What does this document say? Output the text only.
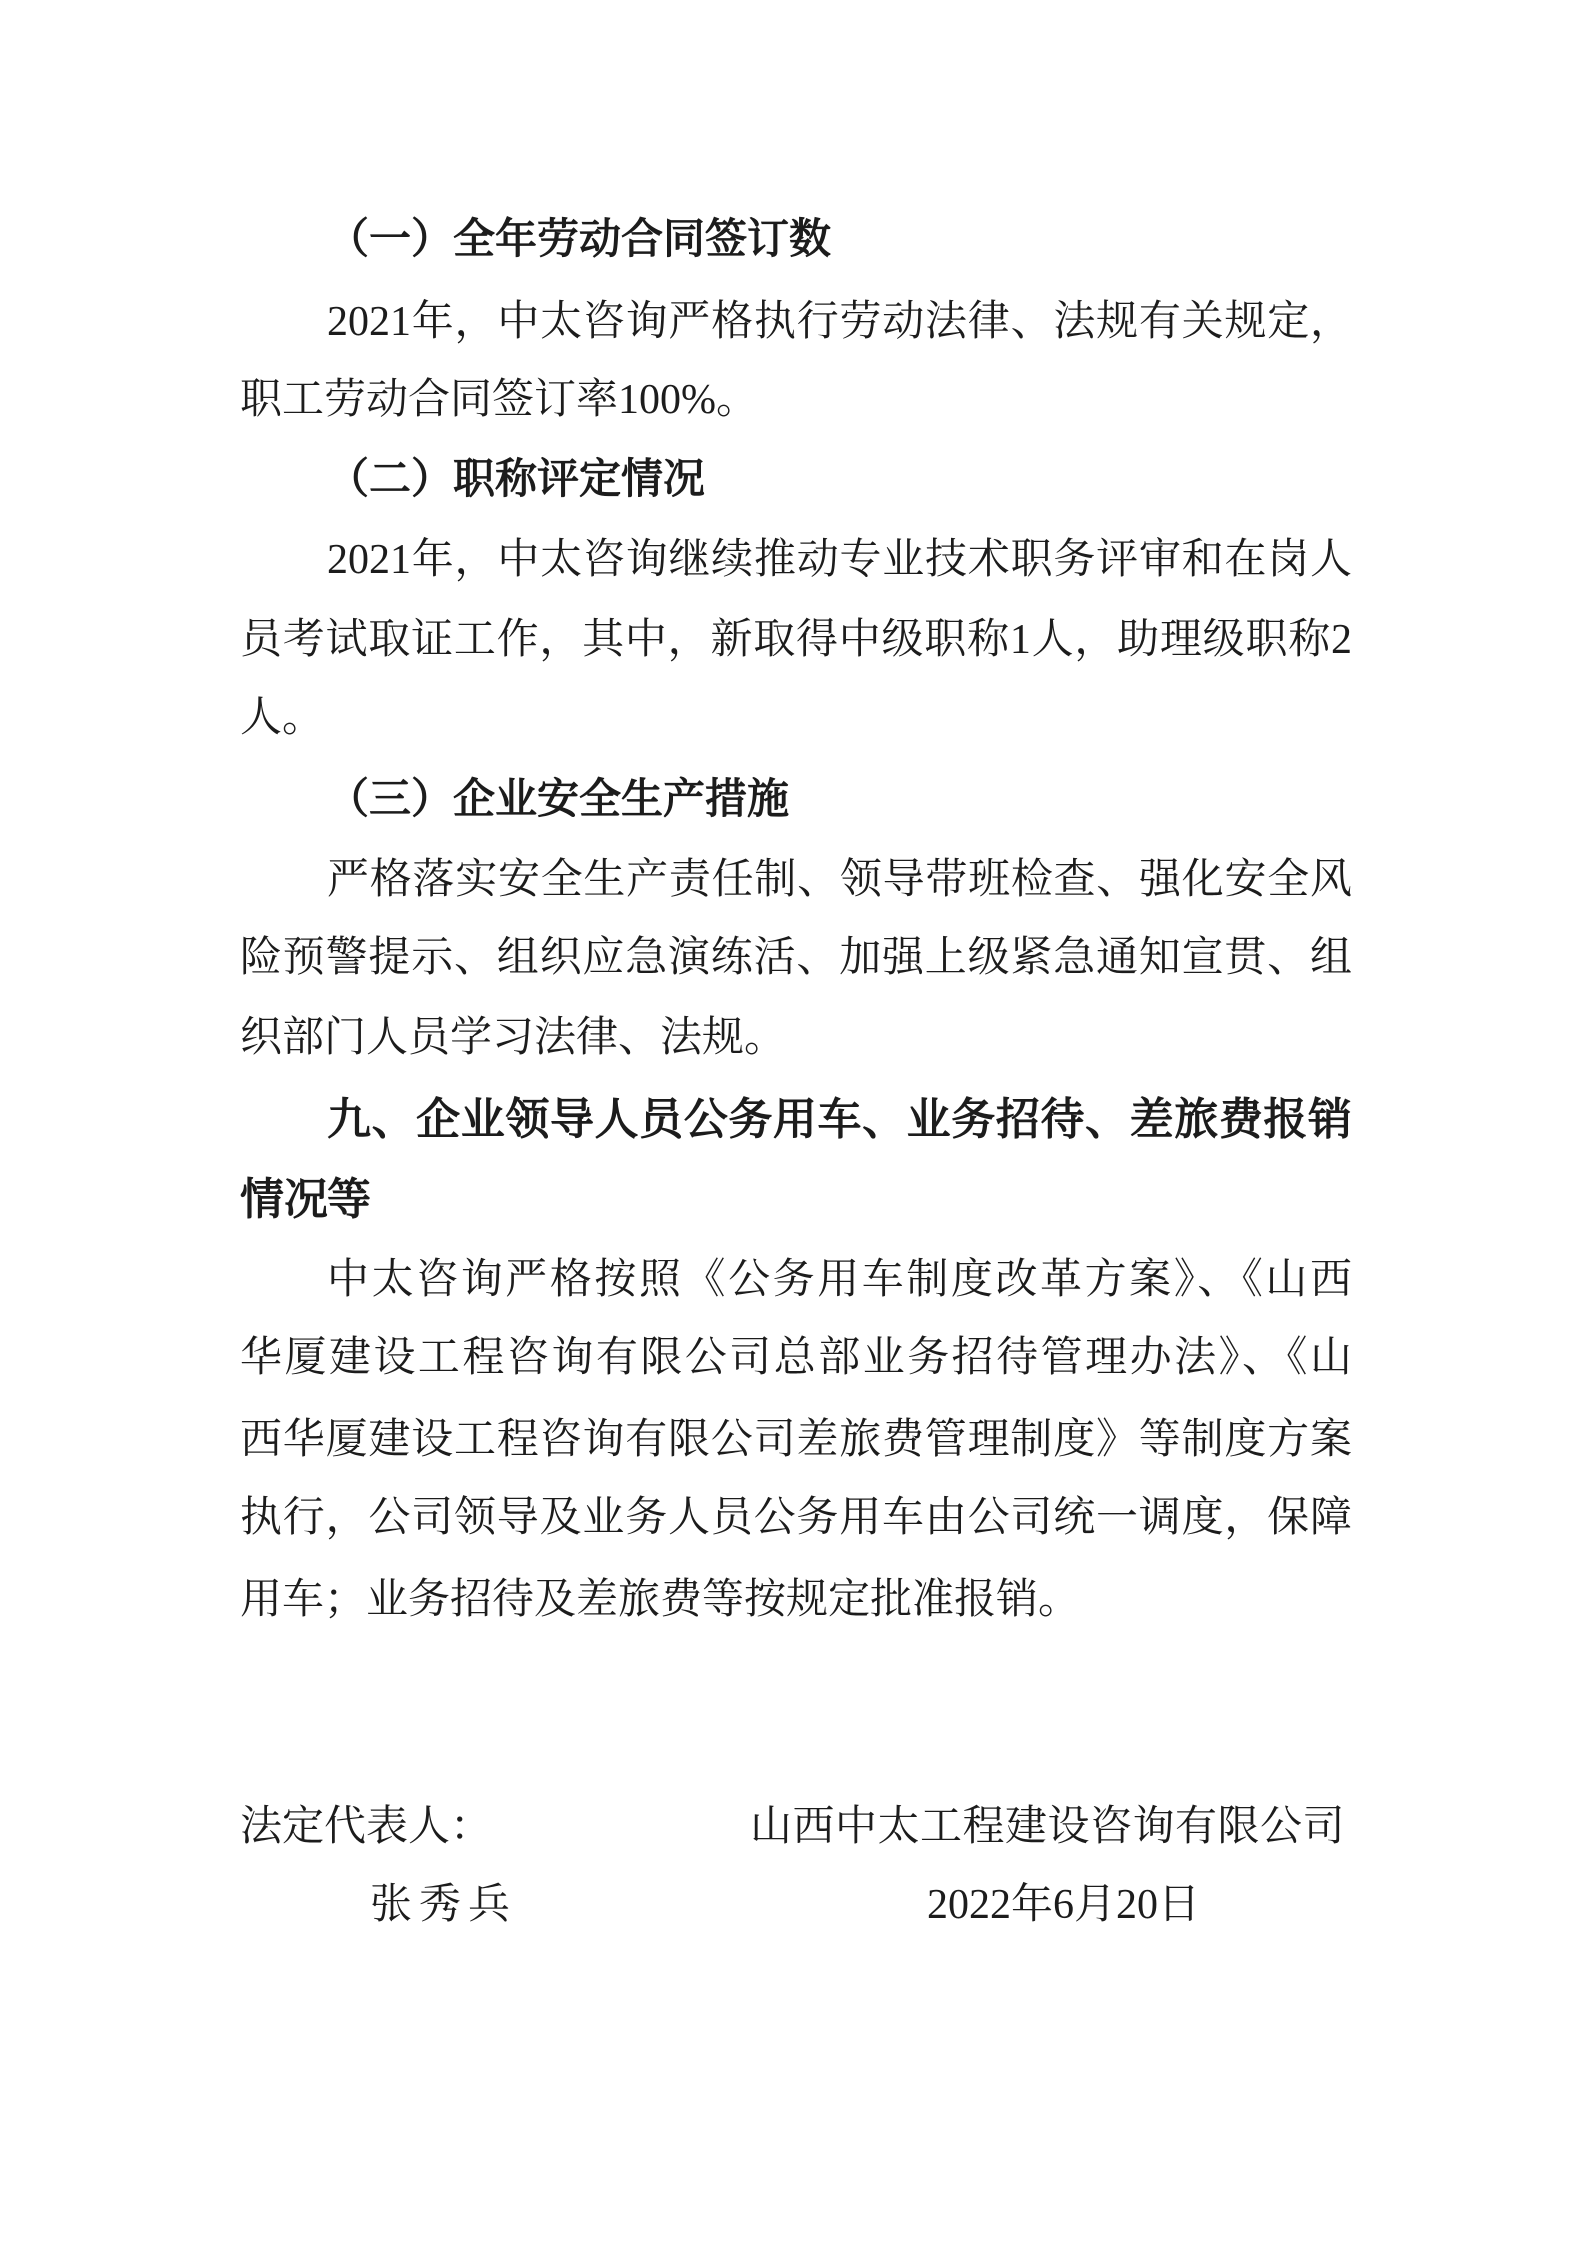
（一）全年劳动合同签订数
2021年，中太咨询严格执行劳动法律、法规有关规定，
职工劳动合同签订率100%。
（二）职称评定情况
2021年，中太咨询继续推动专业技术职务评审和在岗人
员考试取证工作，其中，新取得中级职称1人，助理级职称2
人。
（三）企业安全生产措施
严格落实安全生产责任制、领导带班检查、强化安全风
险预警提示、组织应急演练活、加强上级紧急通知宣贯、组
织部门人员学习法律、法规。
九、企业领导人员公务用车、业务招待、差旅费报销等
情况
中太咨询严格按照《公务用车制度改革方案》、《山西
华厦建设工程咨询有限公司总部业务招待管理办法》、《山
西华厦建设工程咨询有限公司差旅费管理制度》等制度方案
执行，公司领导及业务人员公务用车由公司统一调度，保障
用车；业务招待及差旅费等按规定批准报销。
法定代表人：	山西中太工程建设咨询有限公司
张秀兵	2022年6月20日
